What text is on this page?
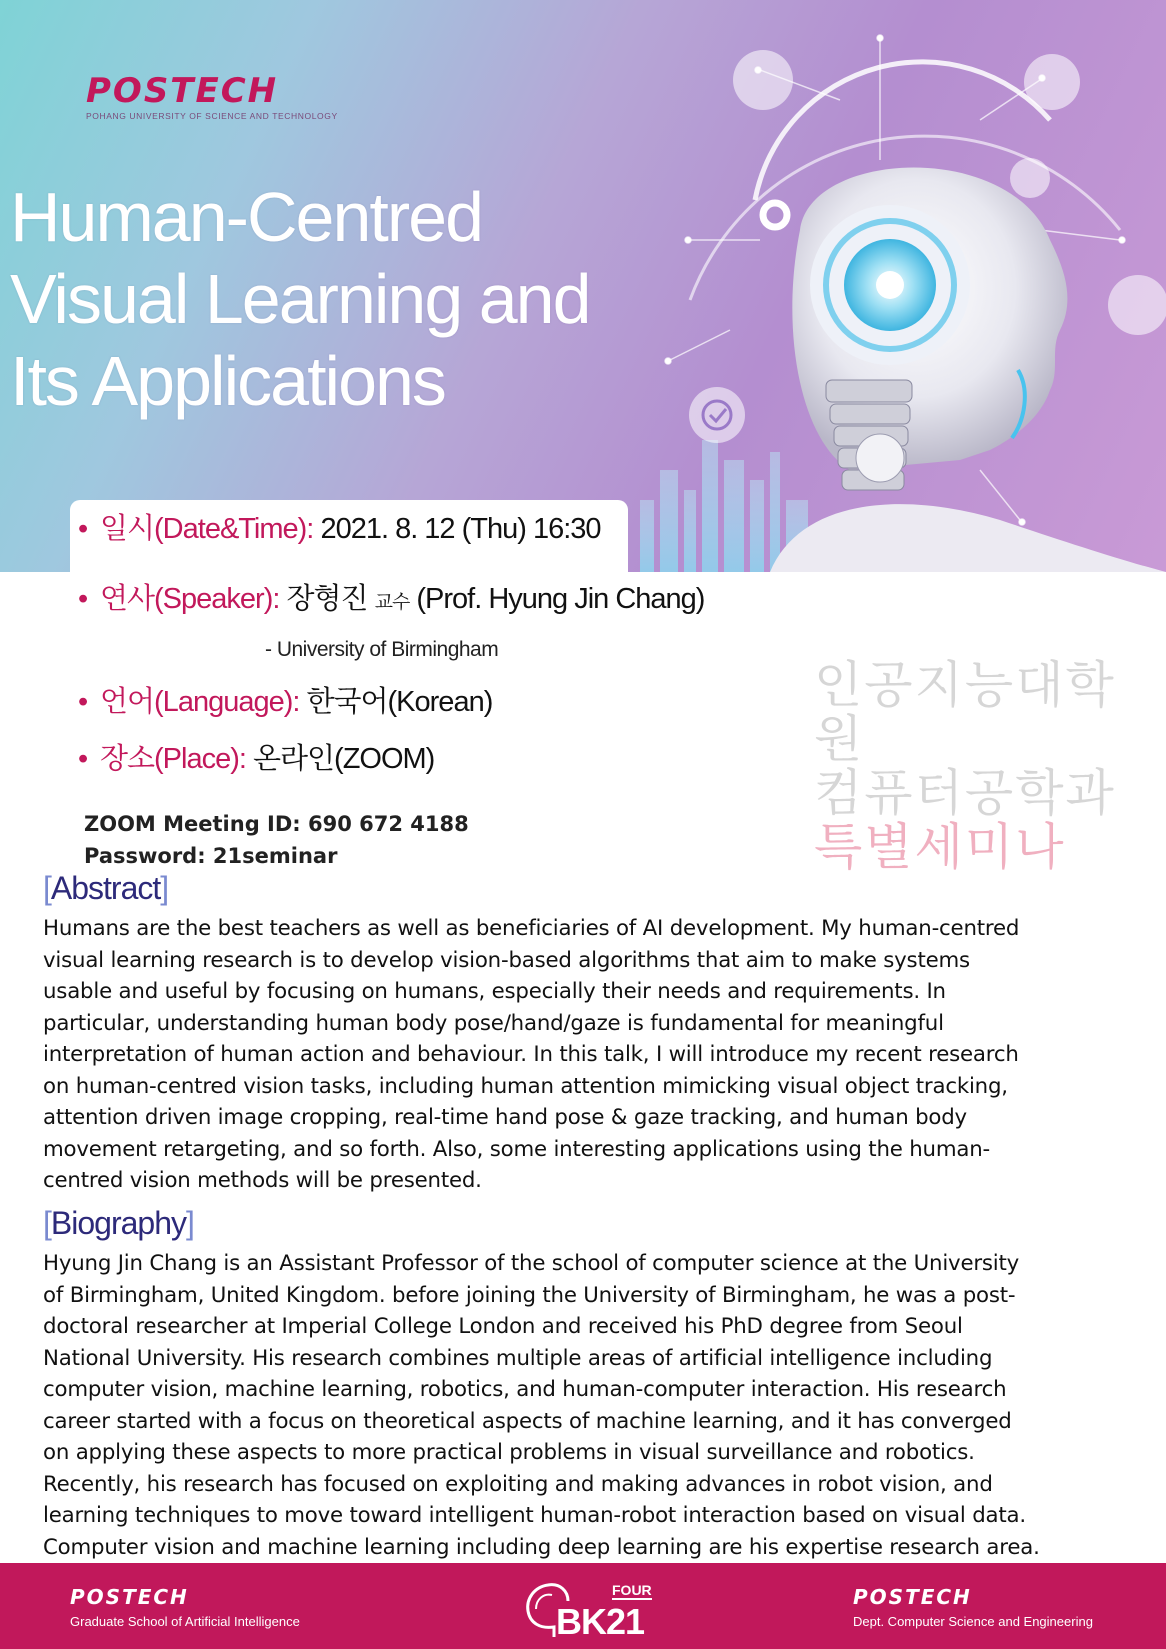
POSTECH
POHANG UNIVERSITY OF SCIENCE AND TECHNOLOGY
Human-Centred
Visual Learning and
Its Applications
• 일시(Date&Time): 2021. 8. 12 (Thu) 16:30
• 연사(Speaker): 장형진 교수 (Prof. Hyung Jin Chang)
- University of Birmingham
• 언어(Language): 한국어(Korean)
• 장소(Place): 온라인(ZOOM)
ZOOM Meeting ID: 690 672 4188
Password: 21seminar
인공지능대학원
컴퓨터공학과
특별세미나
[Abstract]
Humans are the best teachers as well as beneficiaries of AI development. My human-centred
visual learning research is to develop vision-based algorithms that aim to make systems
usable and useful by focusing on humans, especially their needs and requirements. In
particular, understanding human body pose/hand/gaze is fundamental for meaningful
interpretation of human action and behaviour. In this talk, I will introduce my recent research
on human-centred vision tasks, including human attention mimicking visual object tracking,
attention driven image cropping, real-time hand pose & gaze tracking, and human body
movement retargeting, and so forth. Also, some interesting applications using the human-
centred vision methods will be presented.
[Biography]
Hyung Jin Chang is an Assistant Professor of the school of computer science at the University
of Birmingham, United Kingdom. before joining the University of Birmingham, he was a post-
doctoral researcher at Imperial College London and received his PhD degree from Seoul
National University. His research combines multiple areas of artificial intelligence including
computer vision, machine learning, robotics, and human-computer interaction. His research
career started with a focus on theoretical aspects of machine learning, and it has converged
on applying these aspects to more practical problems in visual surveillance and robotics.
Recently, his research has focused on exploiting and making advances in robot vision, and
learning techniques to move toward intelligent human-robot interaction based on visual data.
Computer vision and machine learning including deep learning are his expertise research area.
POSTECH
Graduate School of Artificial Intelligence
FOUR
BK21
POSTECH
Dept. Computer Science and Engineering
